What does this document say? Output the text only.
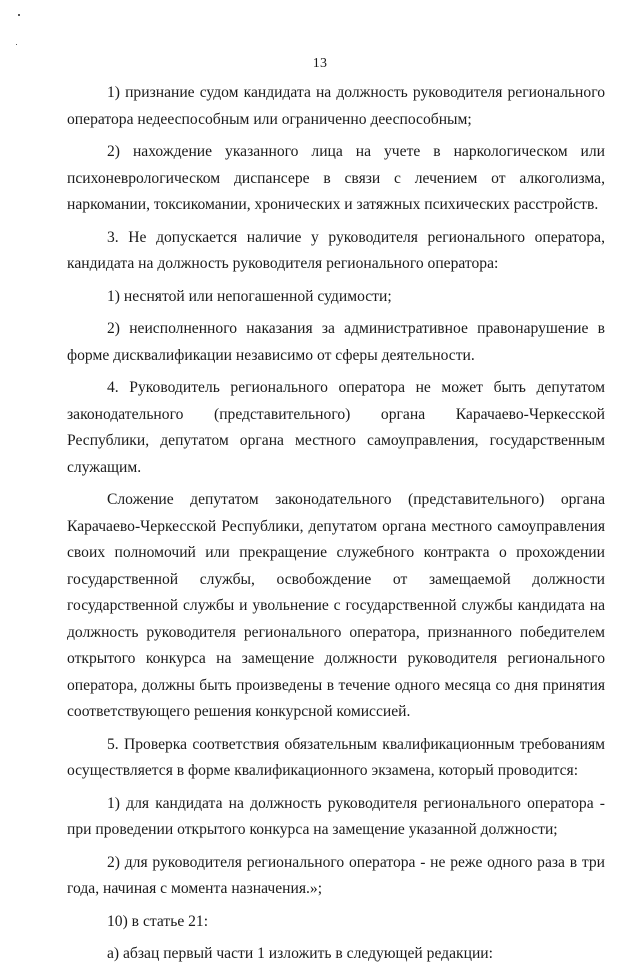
13

1) признание судом кандидата на должность руководителя регионального оператора недееспособным или ограниченно дееспособным;

2) нахождение указанного лица на учете в наркологическом или психоневрологическом диспансере в связи с лечением от алкоголизма, наркомании, токсикомании, хронических и затяжных психических расстройств.

3. Не допускается наличие у руководителя регионального оператора, кандидата на должность руководителя регионального оператора:

1) неснятой или непогашенной судимости;

2) неисполненного наказания за административное правонарушение в форме дисквалификации независимо от сферы деятельности.

4. Руководитель регионального оператора не может быть депутатом законодательного (представительного) органа Карачаево-Черкесской Республики, депутатом органа местного самоуправления, государственным служащим.

Сложение депутатом законодательного (представительного) органа Карачаево-Черкесской Республики, депутатом органа местного самоуправления своих полномочий или прекращение служебного контракта о прохождении государственной службы, освобождение от замещаемой должности государственной службы и увольнение с государственной службы кандидата на должность руководителя регионального оператора, признанного победителем открытого конкурса на замещение должности руководителя регионального оператора, должны быть произведены в течение одного месяца со дня принятия соответствующего решения конкурсной комиссией.

5. Проверка соответствия обязательным квалификационным требованиям осуществляется в форме квалификационного экзамена, который проводится:

1) для кандидата на должность руководителя регионального оператора - при проведении открытого конкурса на замещение указанной должности;

2) для руководителя регионального оператора - не реже одного раза в три года, начиная с момента назначения.»;

10) в статье 21:

а) абзац первый части 1 изложить в следующей редакции:
